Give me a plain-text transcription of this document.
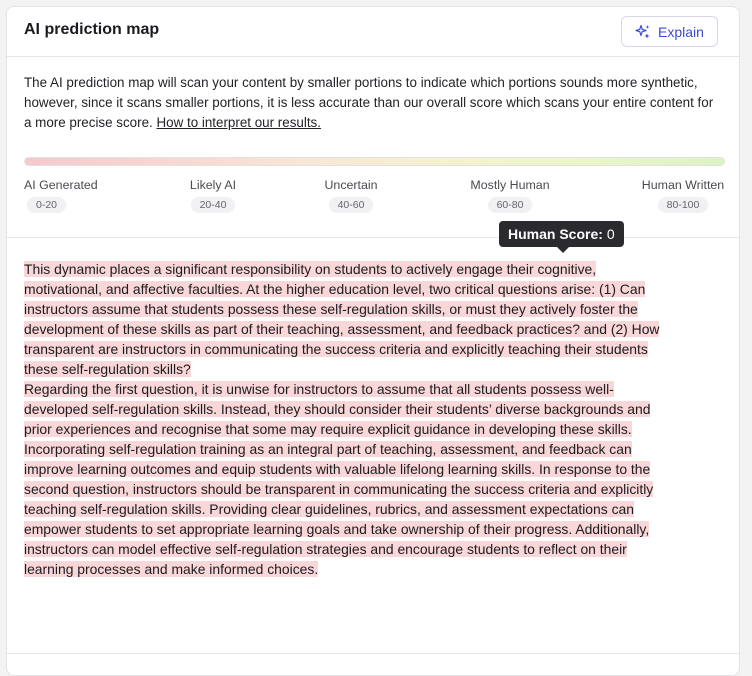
AI prediction map	Explain
The AI prediction map will scan your content by smaller portions to indicate which portions sounds more synthetic, however, since it scans smaller portions, it is less accurate than our overall score which scans your entire content for a more precise score. How to interpret our results.
AI Generated
0-20
Likely AI
20-40
Uncertain
40-60
Mostly Human
60-80
Human Written
80-100
Human Score: 0
This dynamic places a significant responsibility on students to actively engage their cognitive, motivational, and affective faculties. At the higher education level, two critical questions arise: (1) Can instructors assume that students possess these self-regulation skills, or must they actively foster the development of these skills as part of their teaching, assessment, and feedback practices? and (2) How transparent are instructors in communicating the success criteria and explicitly teaching their students these self-regulation skills?
Regarding the first question, it is unwise for instructors to assume that all students possess well-developed self-regulation skills. Instead, they should consider their students’ diverse backgrounds and prior experiences and recognise that some may require explicit guidance in developing these skills. Incorporating self-regulation training as an integral part of teaching, assessment, and feedback can improve learning outcomes and equip students with valuable lifelong learning skills. In response to the second question, instructors should be transparent in communicating the success criteria and explicitly teaching self-regulation skills. Providing clear guidelines, rubrics, and assessment expectations can empower students to set appropriate learning goals and take ownership of their progress. Additionally, instructors can model effective self-regulation strategies and encourage students to reflect on their learning processes and make informed choices.
